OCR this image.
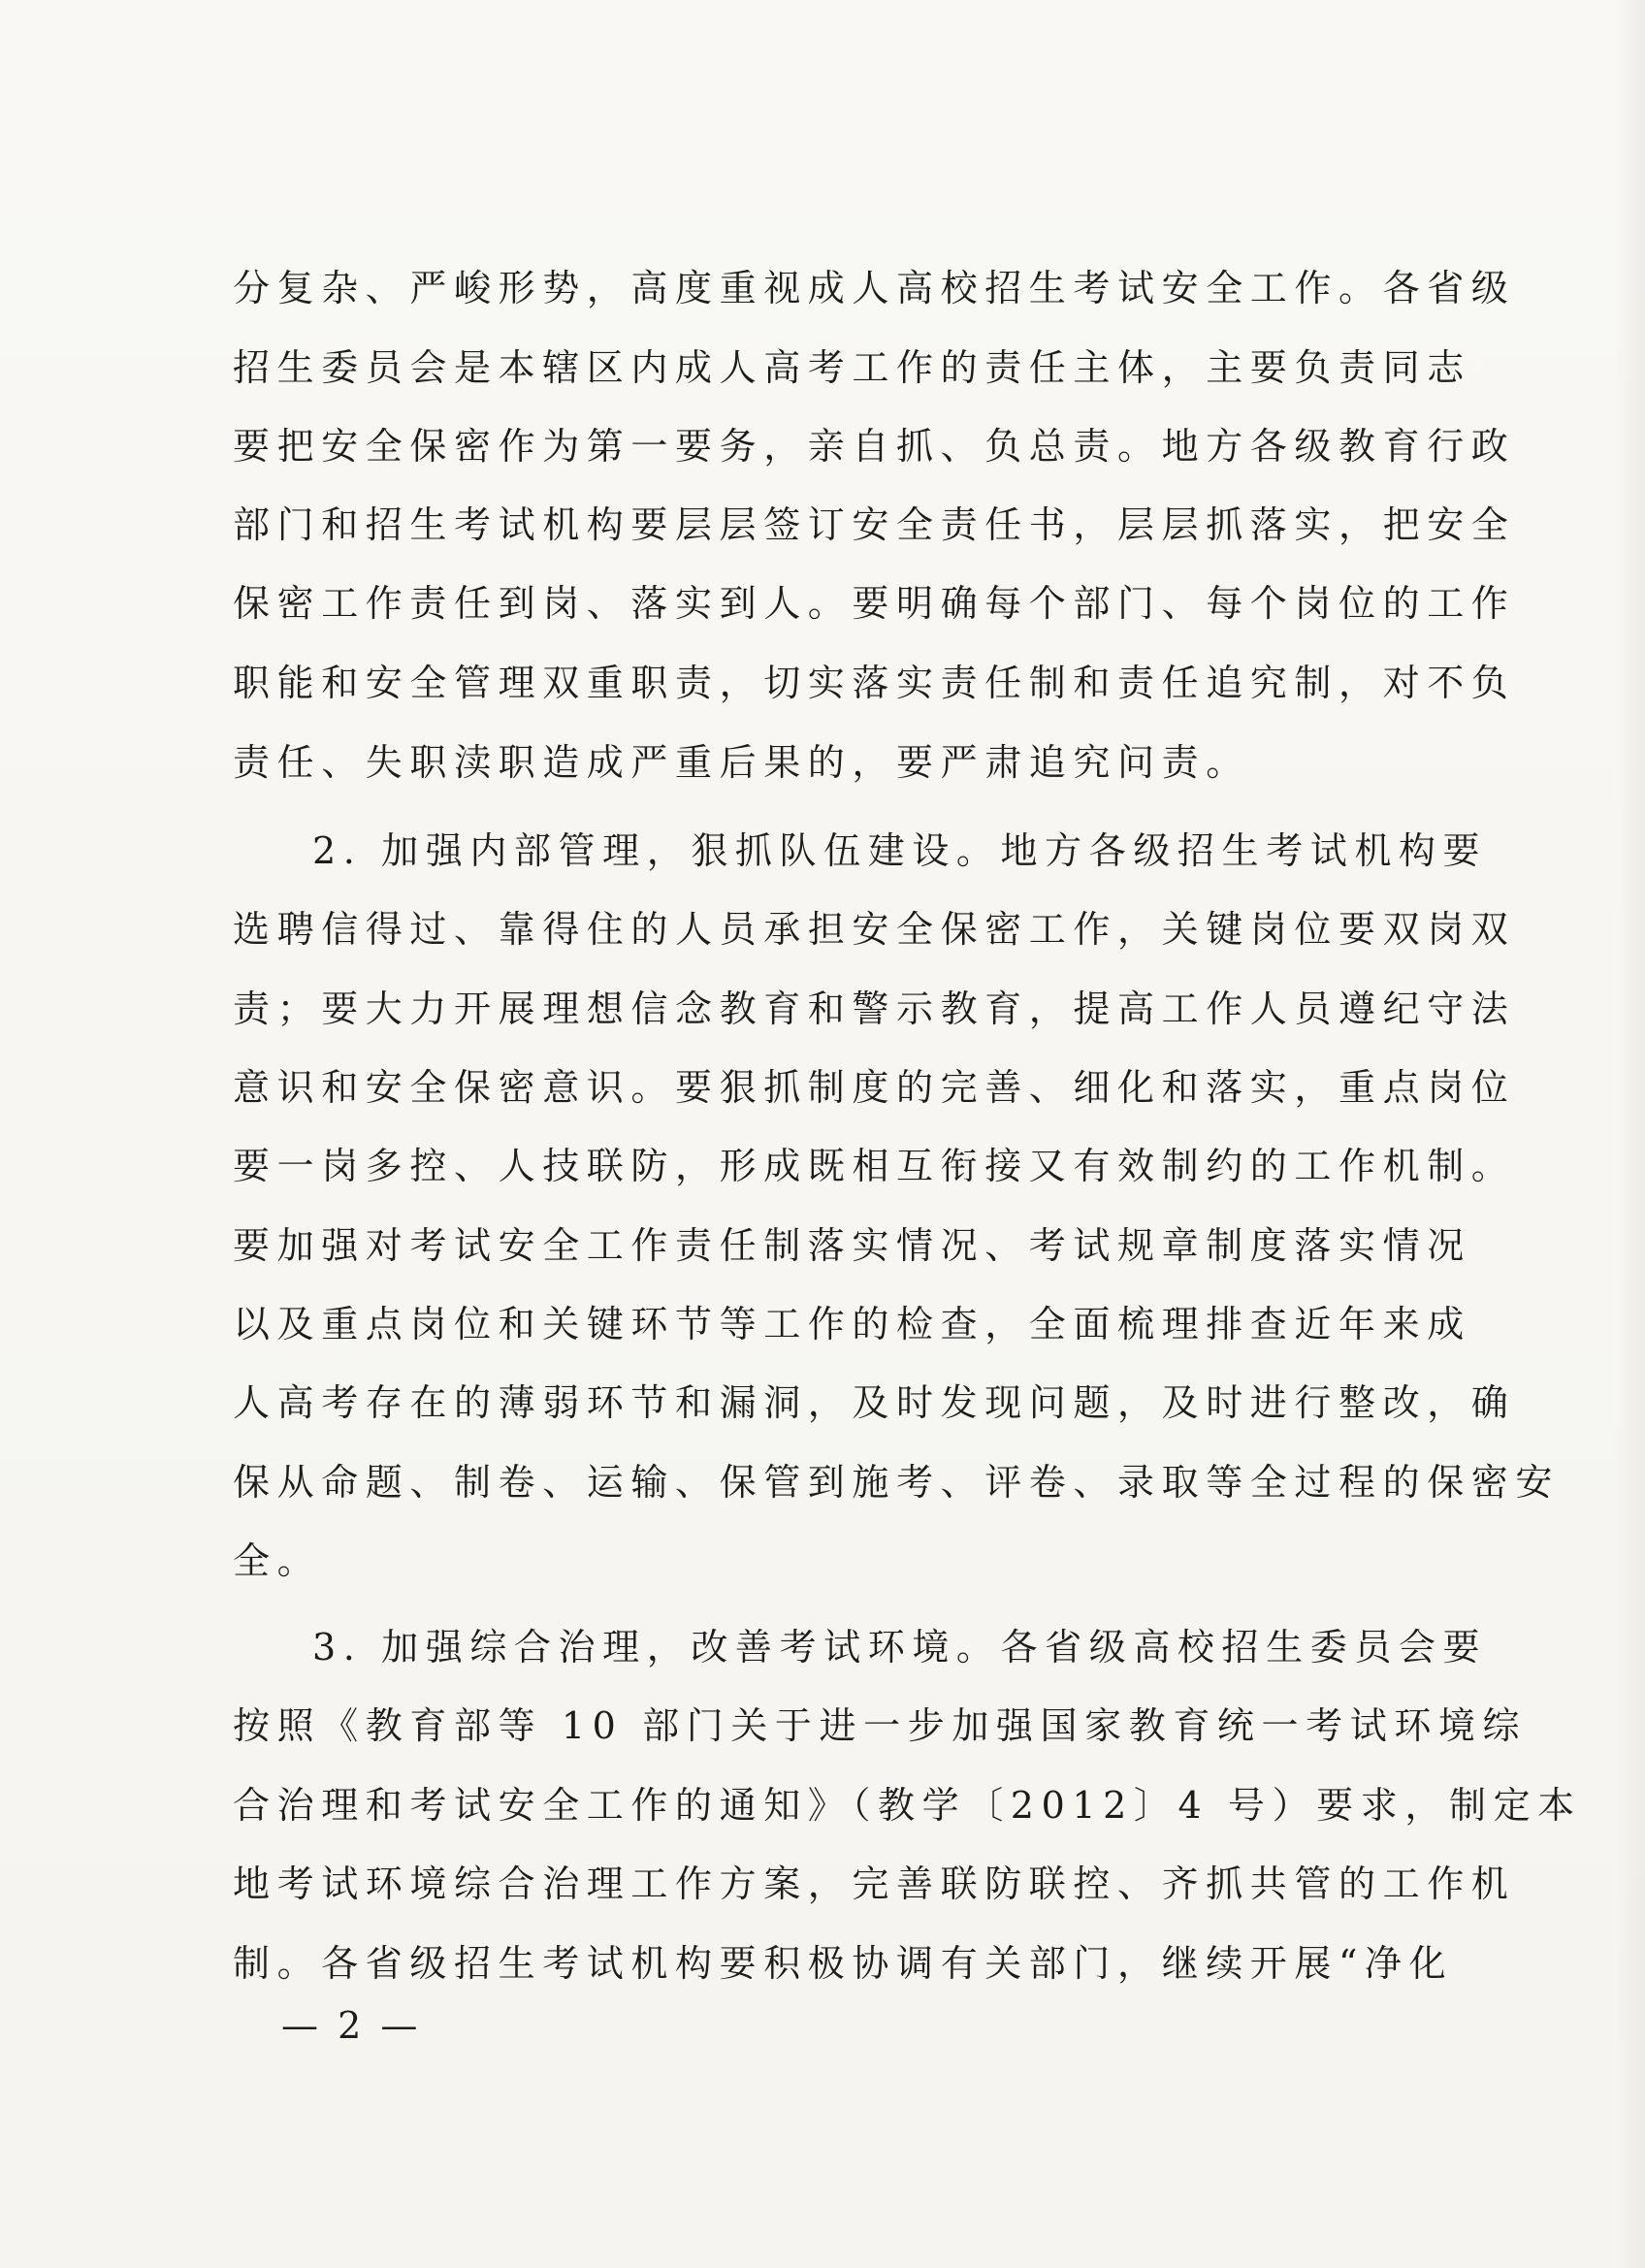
分复杂、严峻形势，高度重视成人高校招生考试安全工作。各省级
招生委员会是本辖区内成人高考工作的责任主体，主要负责同志
要把安全保密作为第一要务，亲自抓、负总责。地方各级教育行政
部门和招生考试机构要层层签订安全责任书，层层抓落实，把安全
保密工作责任到岗、落实到人。要明确每个部门、每个岗位的工作
职能和安全管理双重职责，切实落实责任制和责任追究制，对不负
责任、失职渎职造成严重后果的，要严肃追究问责。
2. 加强内部管理，狠抓队伍建设。地方各级招生考试机构要
选聘信得过、靠得住的人员承担安全保密工作，关键岗位要双岗双
责；要大力开展理想信念教育和警示教育，提高工作人员遵纪守法
意识和安全保密意识。要狠抓制度的完善、细化和落实，重点岗位
要一岗多控、人技联防，形成既相互衔接又有效制约的工作机制。
要加强对考试安全工作责任制落实情况、考试规章制度落实情况
以及重点岗位和关键环节等工作的检查，全面梳理排查近年来成
人高考存在的薄弱环节和漏洞，及时发现问题，及时进行整改，确
保从命题、制卷、运输、保管到施考、评卷、录取等全过程的保密安
全。
3. 加强综合治理，改善考试环境。各省级高校招生委员会要
按照《教育部等 10 部门关于进一步加强国家教育统一考试环境综
合治理和考试安全工作的通知》（教学〔2012〕4 号）要求，制定本
地考试环境综合治理工作方案，完善联防联控、齐抓共管的工作机
制。各省级招生考试机构要积极协调有关部门，继续开展“净化
— 2 —
